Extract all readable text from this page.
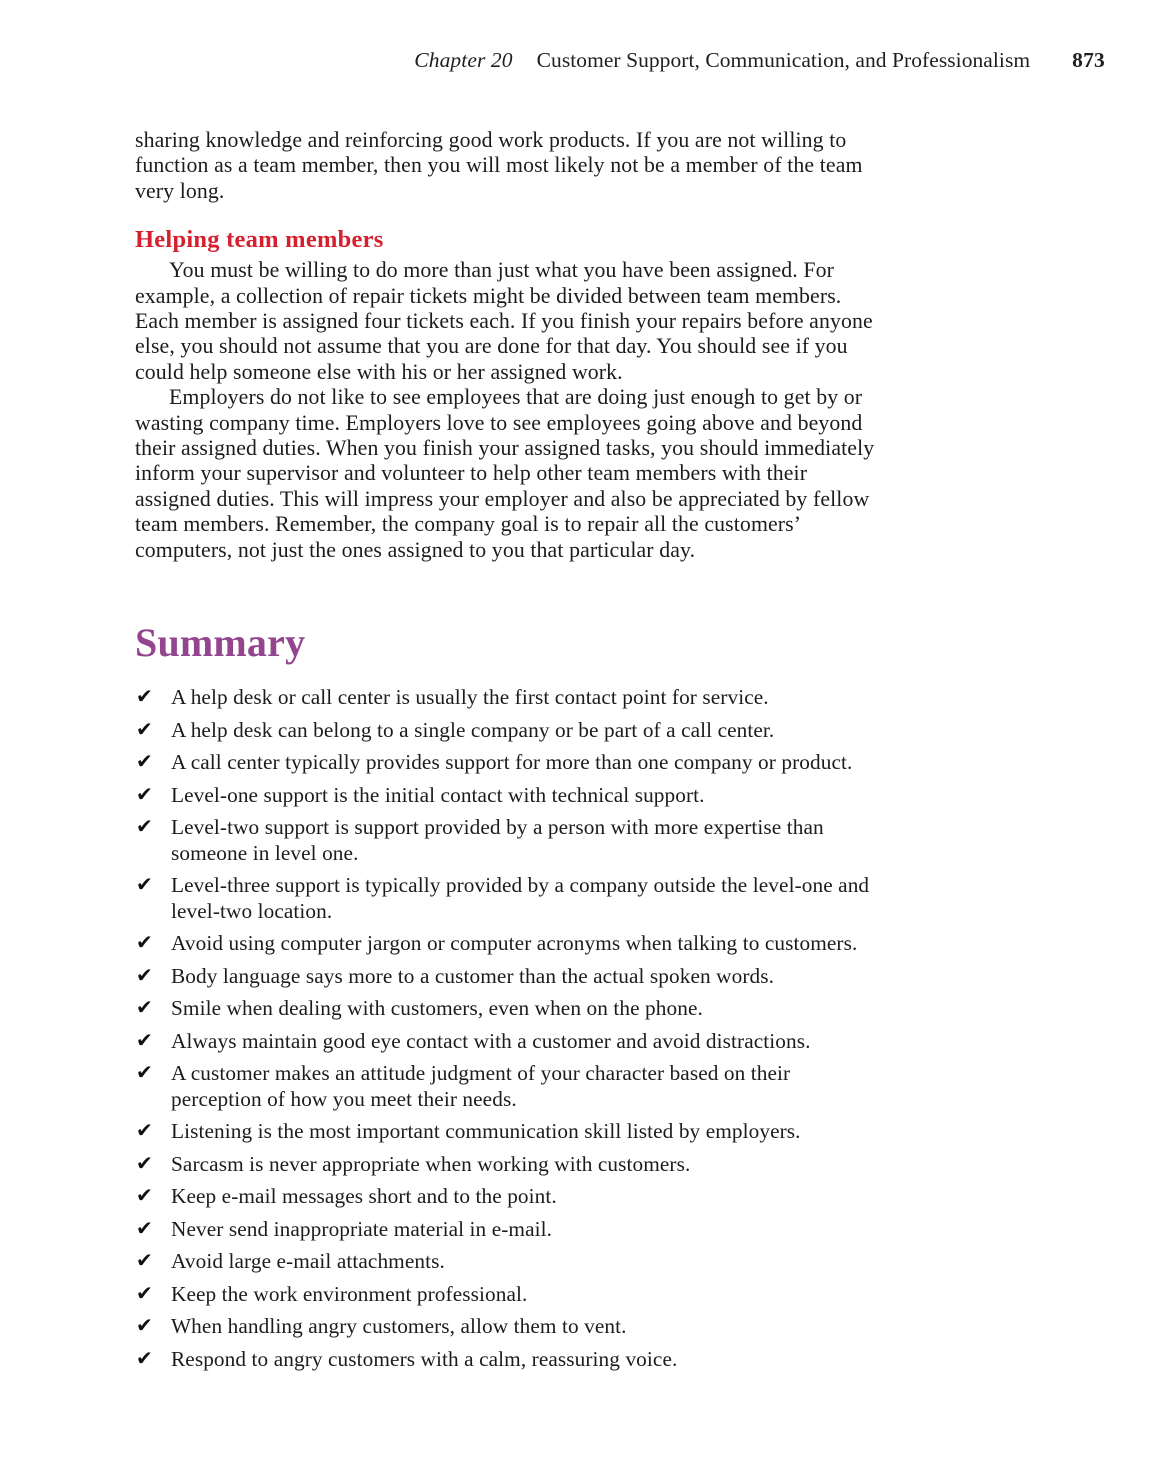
Chapter 20 Customer Support, Communication, and Professionalism 873

sharing knowledge and reinforcing good work products. If you are not willing to function as a team member, then you will most likely not be a member of the team very long.

Helping team members

You must be willing to do more than just what you have been assigned. For example, a collection of repair tickets might be divided between team members. Each member is assigned four tickets each. If you finish your repairs before anyone else, you should not assume that you are done for that day. You should see if you could help someone else with his or her assigned work.

Employers do not like to see employees that are doing just enough to get by or wasting company time. Employers love to see employees going above and beyond their assigned duties. When you finish your assigned tasks, you should immediately inform your supervisor and volunteer to help other team members with their assigned duties. This will impress your employer and also be appreciated by fellow team members. Remember, the company goal is to repair all the customers’ computers, not just the ones assigned to you that particular day.

Summary
✔ A help desk or call center is usually the first contact point for service.
✔ A help desk can belong to a single company or be part of a call center.
✔ A call center typically provides support for more than one company or product.
✔ Level-one support is the initial contact with technical support.
✔ Level-two support is support provided by a person with more expertise than someone in level one.
✔ Level-three support is typically provided by a company outside the level-one and level-two location.
✔ Avoid using computer jargon or computer acronyms when talking to customers.
✔ Body language says more to a customer than the actual spoken words.
✔ Smile when dealing with customers, even when on the phone.
✔ Always maintain good eye contact with a customer and avoid distractions.
✔ A customer makes an attitude judgment of your character based on their perception of how you meet their needs.
✔ Listening is the most important communication skill listed by employers.
✔ Sarcasm is never appropriate when working with customers.
✔ Keep e-mail messages short and to the point.
✔ Never send inappropriate material in e-mail.
✔ Avoid large e-mail attachments.
✔ Keep the work environment professional.
✔ When handling angry customers, allow them to vent.
✔ Respond to angry customers with a calm, reassuring voice.
